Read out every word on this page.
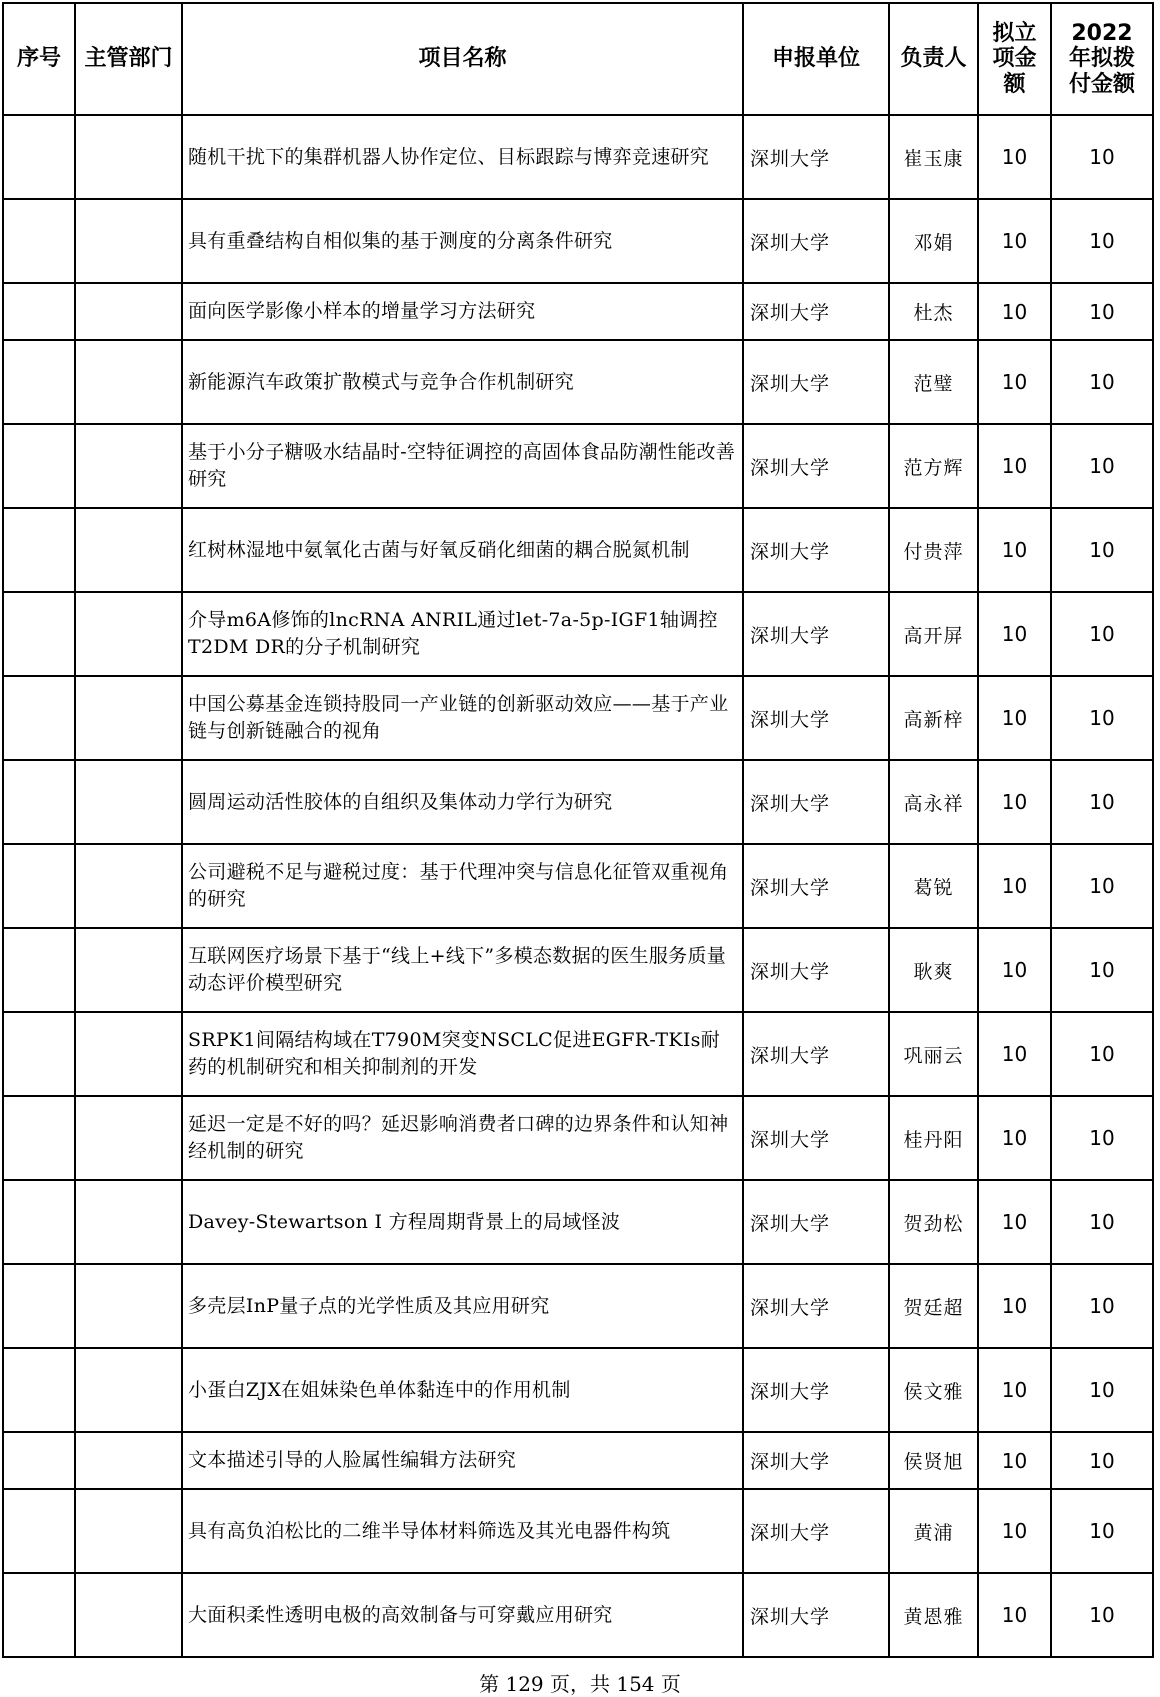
序号	主管部门	项目名称	申报单位	负责人	拟立项金额	2022年拟拨付金额
		随机干扰下的集群机器人协作定位、目标跟踪与博弈竞速研究	深圳大学	崔玉康	10	10
		具有重叠结构自相似集的基于测度的分离条件研究	深圳大学	邓娟	10	10
		面向医学影像小样本的增量学习方法研究	深圳大学	杜杰	10	10
		新能源汽车政策扩散模式与竞争合作机制研究	深圳大学	范璧	10	10
		基于小分子糖吸水结晶时-空特征调控的高固体食品防潮性能改善研究	深圳大学	范方辉	10	10
		红树林湿地中氨氧化古菌与好氧反硝化细菌的耦合脱氮机制	深圳大学	付贵萍	10	10
		介导m6A修饰的lncRNA ANRIL通过let-7a-5p-IGF1轴调控T2DM DR的分子机制研究	深圳大学	高开屏	10	10
		中国公募基金连锁持股同一产业链的创新驱动效应——基于产业链与创新链融合的视角	深圳大学	高新梓	10	10
		圆周运动活性胶体的自组织及集体动力学行为研究	深圳大学	高永祥	10	10
		公司避税不足与避税过度：基于代理冲突与信息化征管双重视角的研究	深圳大学	葛锐	10	10
		互联网医疗场景下基于“线上+线下”多模态数据的医生服务质量动态评价模型研究	深圳大学	耿爽	10	10
		SRPK1间隔结构域在T790M突变NSCLC促进EGFR-TKIs耐药的机制研究和相关抑制剂的开发	深圳大学	巩丽云	10	10
		延迟一定是不好的吗？延迟影响消费者口碑的边界条件和认知神经机制的研究	深圳大学	桂丹阳	10	10
		Davey-Stewartson I 方程周期背景上的局域怪波	深圳大学	贺劲松	10	10
		多壳层InP量子点的光学性质及其应用研究	深圳大学	贺廷超	10	10
		小蛋白ZJX在姐妹染色单体黏连中的作用机制	深圳大学	侯文雅	10	10
		文本描述引导的人脸属性编辑方法研究	深圳大学	侯贤旭	10	10
		具有高负泊松比的二维半导体材料筛选及其光电器件构筑	深圳大学	黄浦	10	10
		大面积柔性透明电极的高效制备与可穿戴应用研究	深圳大学	黄恩雅	10	10
第 129 页，共 154 页
